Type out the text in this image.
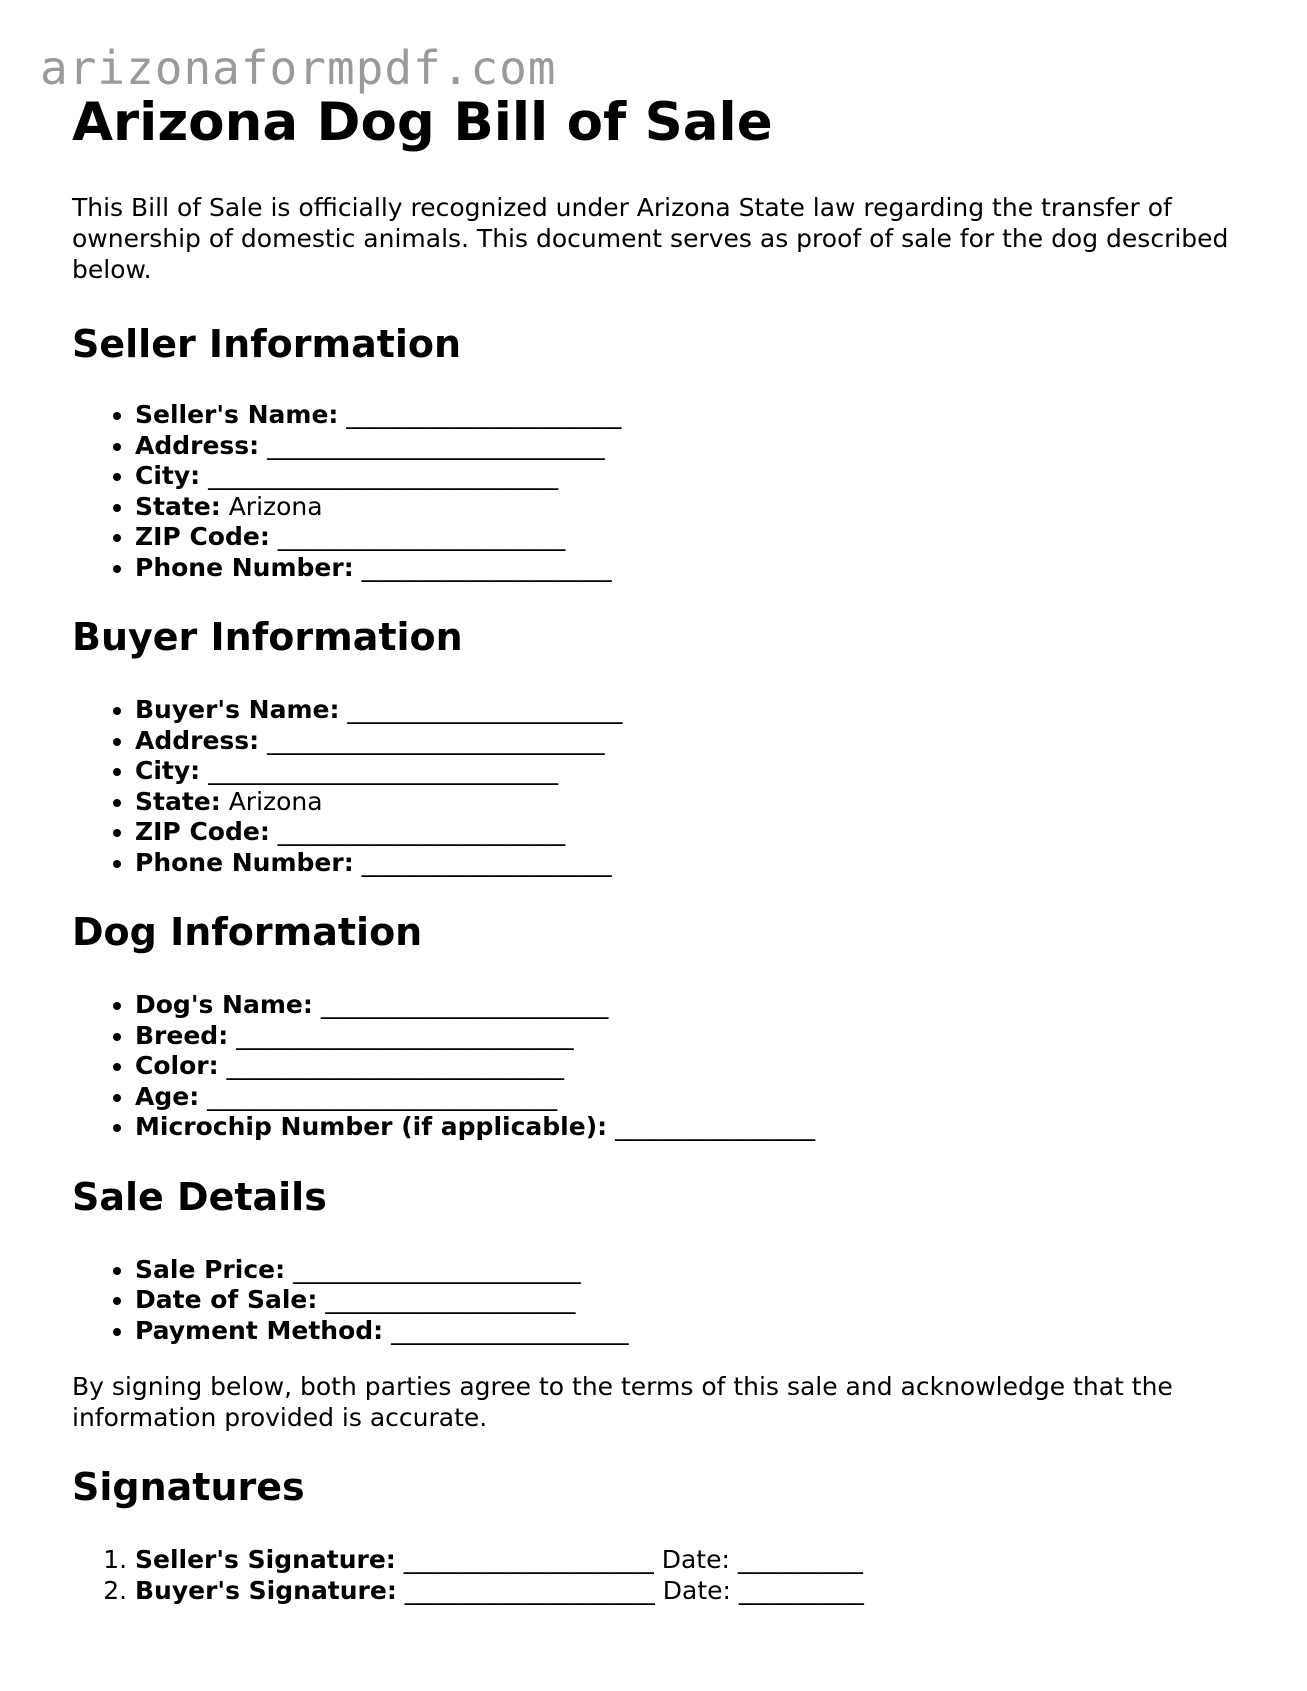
arizonaformpdf.com
Arizona Dog Bill of Sale

This Bill of Sale is officially recognized under Arizona State law regarding the transfer of ownership of domestic animals. This document serves as proof of sale for the dog described below.

Seller Information
• Seller's Name: ______________________
• Address: ___________________________
• City: ____________________________
• State: Arizona
• ZIP Code: _______________________
• Phone Number: ____________________
Buyer Information
• Buyer's Name: ______________________
• Address: ___________________________
• City: ____________________________
• State: Arizona
• ZIP Code: _______________________
• Phone Number: ____________________
Dog Information
• Dog's Name: _______________________
• Breed: ___________________________
• Color: ___________________________
• Age: ____________________________
• Microchip Number (if applicable): ________________
Sale Details
• Sale Price: _______________________
• Date of Sale: ____________________
• Payment Method: ___________________

By signing below, both parties agree to the terms of this sale and acknowledge that the information provided is accurate.

Signatures
1. Seller's Signature: ____________________ Date: __________
2. Buyer's Signature: ____________________ Date: __________
